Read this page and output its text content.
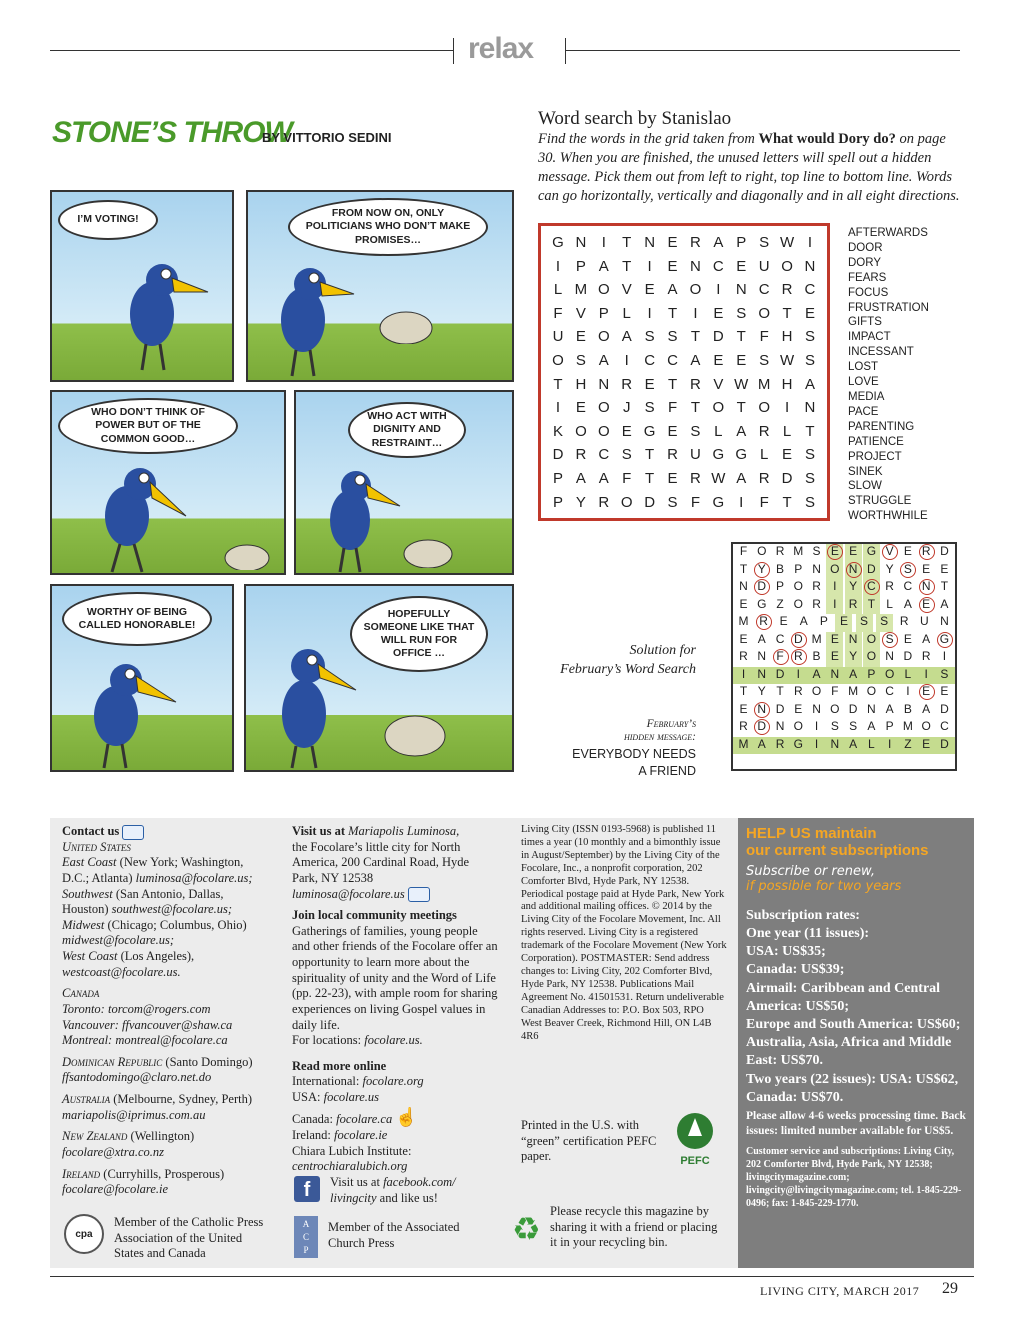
relax
STONE’S THROW
BY VITTORIO SEDINI
I’M VOTING!
FROM NOW ON, ONLY POLITICIANS WHO DON’T MAKE PROMISES…
WHO DON’T THINK OF POWER BUT OF THE COMMON GOOD…
WHO ACT WITH DIGNITY AND RESTRAINT…
WORTHY OF BEING CALLED HONORABLE!
HOPEFULLY SOMEONE LIKE THAT WILL RUN FOR OFFICE …
Word search by Stanislao
Find the words in the grid taken from What would Dory do? on page 30. When you are finished, the unused letters will spell out a hidden message. Pick them out from left to right, top line to bottom line. Words can go horizontally, vertically and diagonally and in all eight directions.
G N	I	T N E R A P S W I
I	P A T	I	E N C E U O N
L M O V E A O I	N C R C
F V P L	I	T	I	E S O T E
U E O A S S T D T F H S
O S A	I	C C A E E S W S
T H N R E T R V W M H A
I	E O J S F T O T O I	N
K O O E G E S L A R L T
D R C S T R U G G L E S
P A A F T E R W A R D S
P Y R O D S F G I	F T S
AFTERWARDS
DOOR
DORY
FEARS
FOCUS
FRUSTRATION
GIFTS
IMPACT
INCESSANT
LOST
LOVE
MEDIA
PACE
PARENTING
PATIENCE
PROJECT
SINEK
SLOW
STRUGGLE
WORTHWHILE
Solution for
February’s Word Search
February’s
hidden message:
EVERYBODY NEEDS
A FRIEND
F O R M S E E G V E R D
T Y B P N O N D Y S E E
N D P O R	I	Y C R C N T
E G Z O R	I	R T L A E A
M R E	A	P	E	S	S R U N
E A C D M E N O S E A G
R N F R B E Y O N D R	I
I	N D	I	A N A P O L	I	S
T Y T R O F M O C	I	E E
E N D E N O D N A B A D
R D N O I	S S A P M O C
M A R G I	N A L	I	Z E D
Contact us
United States
East Coast (New York; Washington, D.C.; Atlanta) luminosa@focolare.us;
Southwest (San Antonio, Dallas, Houston) southwest@focolare.us;
Midwest (Chicago; Columbus, Ohio) midwest@focolare.us;
West Coast (Los Angeles), westcoast@focolare.us.
Canada
Toronto: torcom@rogers.com
Vancouver: ffvancouver@shaw.ca
Montreal: montreal@focolare.ca
Dominican Republic (Santo Domingo)
ffsantodomingo@claro.net.do
Australia (Melbourne, Sydney, Perth)
mariapolis@iprimus.com.au
New Zealand (Wellington)
focolare@xtra.co.nz
Ireland (Curryhills, Prosperous)
focolare@focolare.ie
cpa
Member of the Catholic Press Association of the United States and Canada
Visit us at Mariapolis Luminosa,
the Focolare’s little city for North America, 200 Cardinal Road, Hyde Park, NY 12538
luminosa@focolare.us
Join local community meetings
Gatherings of families, young people and other friends of the Focolare offer an opportunity to learn more about the spirituality of unity and the Word of Life (pp. 22-23), with ample room for sharing experiences on living Gospel values in daily life.
For locations: focolare.us.
Read more online
International: focolare.org
USA: focolare.us
Canada: focolare.ca ☝
Ireland: focolare.ie
Chiara Lubich Institute:
centrochiaralubich.org
f	Visit us at facebook.com/ livingcity and like us!
A
C
P
Member of the Associated Church Press
Living City (ISSN 0193-5968) is published 11 times a year (10 monthly and a bimonthly issue in August/September) by the Living City of the Focolare, Inc., a nonprofit corporation, 202 Comforter Blvd, Hyde Park, NY 12538. Periodical postage paid at Hyde Park, New York and additional mailing offices. © 2014 by the Living City of the Focolare Movement, Inc. All rights reserved. Living City is a registered trademark of the Focolare Movement (New York Corporation). POSTMASTER: Send address changes to: Living City, 202 Comforter Blvd, Hyde Park, NY 12538. Publications Mail Agreement No. 41501531. Return undeliverable Canadian Addresses to: P.O. Box 503, RPO West Beaver Creek, Richmond Hill, ON L4B 4R6
Printed in the U.S. with “green” certification PEFC paper.	PEFC
♻ Please recycle this magazine by sharing it with a friend or placing it in your recycling bin.
HELP US maintain
our current subscriptions
Subscribe or renew,
if possible for two years
Subscription rates:
One year (11 issues):
USA: US$35;
Canada: US$39;
Airmail: Caribbean and Central America: US$50;
Europe and South America: US$60;
Australia, Asia, Africa and Middle East: US$70.
Two years (22 issues): USA: US$62, Canada: US$70.
Please allow 4-6 weeks processing time. Back issues: limited number available for US$5.
Customer service and subscriptions: Living City, 202 Comforter Blvd, Hyde Park, NY 12538; livingcitymagazine.com; livingcity@livingcitymagazine.com; tel. 1-845-229-0496; fax: 1-845-229-1770.
LIVING CITY, MARCH 2017 29
